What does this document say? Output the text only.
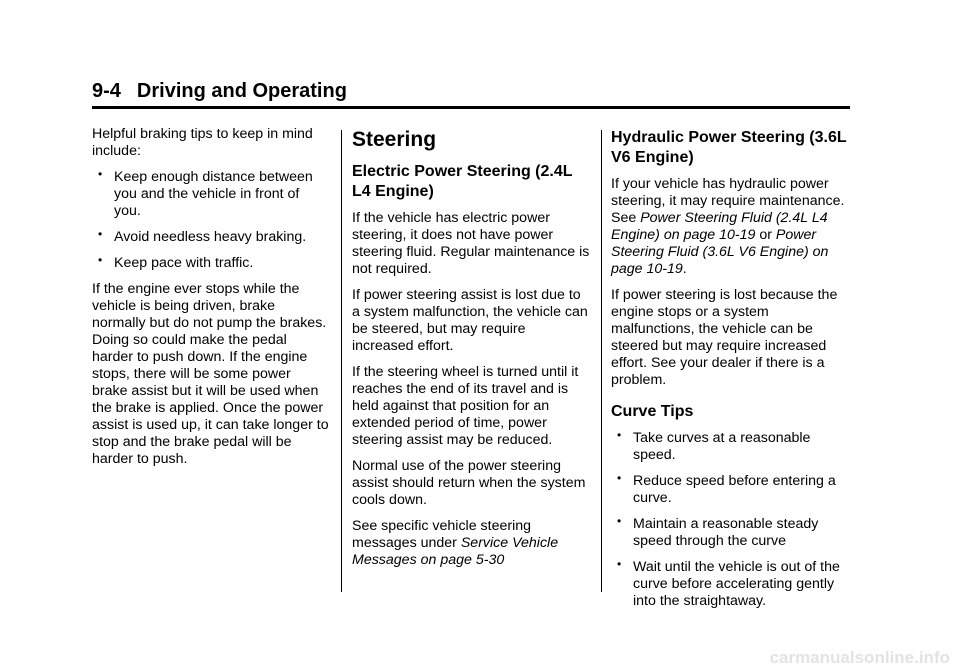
9-4 Driving and Operating

Helpful braking tips to keep in mind include:

• Keep enough distance between you and the vehicle in front of you.
• Avoid needless heavy braking.
• Keep pace with traffic.

If the engine ever stops while the vehicle is being driven, brake normally but do not pump the brakes. Doing so could make the pedal harder to push down. If the engine stops, there will be some power brake assist but it will be used when the brake is applied. Once the power assist is used up, it can take longer to stop and the brake pedal will be harder to push.

Steering
Electric Power Steering (2.4L L4 Engine)

If the vehicle has electric power steering, it does not have power steering fluid. Regular maintenance is not required.

If power steering assist is lost due to a system malfunction, the vehicle can be steered, but may require increased effort.

If the steering wheel is turned until it reaches the end of its travel and is held against that position for an extended period of time, power steering assist may be reduced.

Normal use of the power steering assist should return when the system cools down.

See specific vehicle steering messages under Service Vehicle Messages on page 5-30

Hydraulic Power Steering (3.6L V6 Engine)

If your vehicle has hydraulic power steering, it may require maintenance. See Power Steering Fluid (2.4L L4 Engine) on page 10-19 or Power Steering Fluid (3.6L V6 Engine) on page 10-19.

If power steering is lost because the engine stops or a system malfunctions, the vehicle can be steered but may require increased effort. See your dealer if there is a problem.

Curve Tips
• Take curves at a reasonable speed.
• Reduce speed before entering a curve.
• Maintain a reasonable steady speed through the curve
• Wait until the vehicle is out of the curve before accelerating gently into the straightaway.
carmanualsonline.info
